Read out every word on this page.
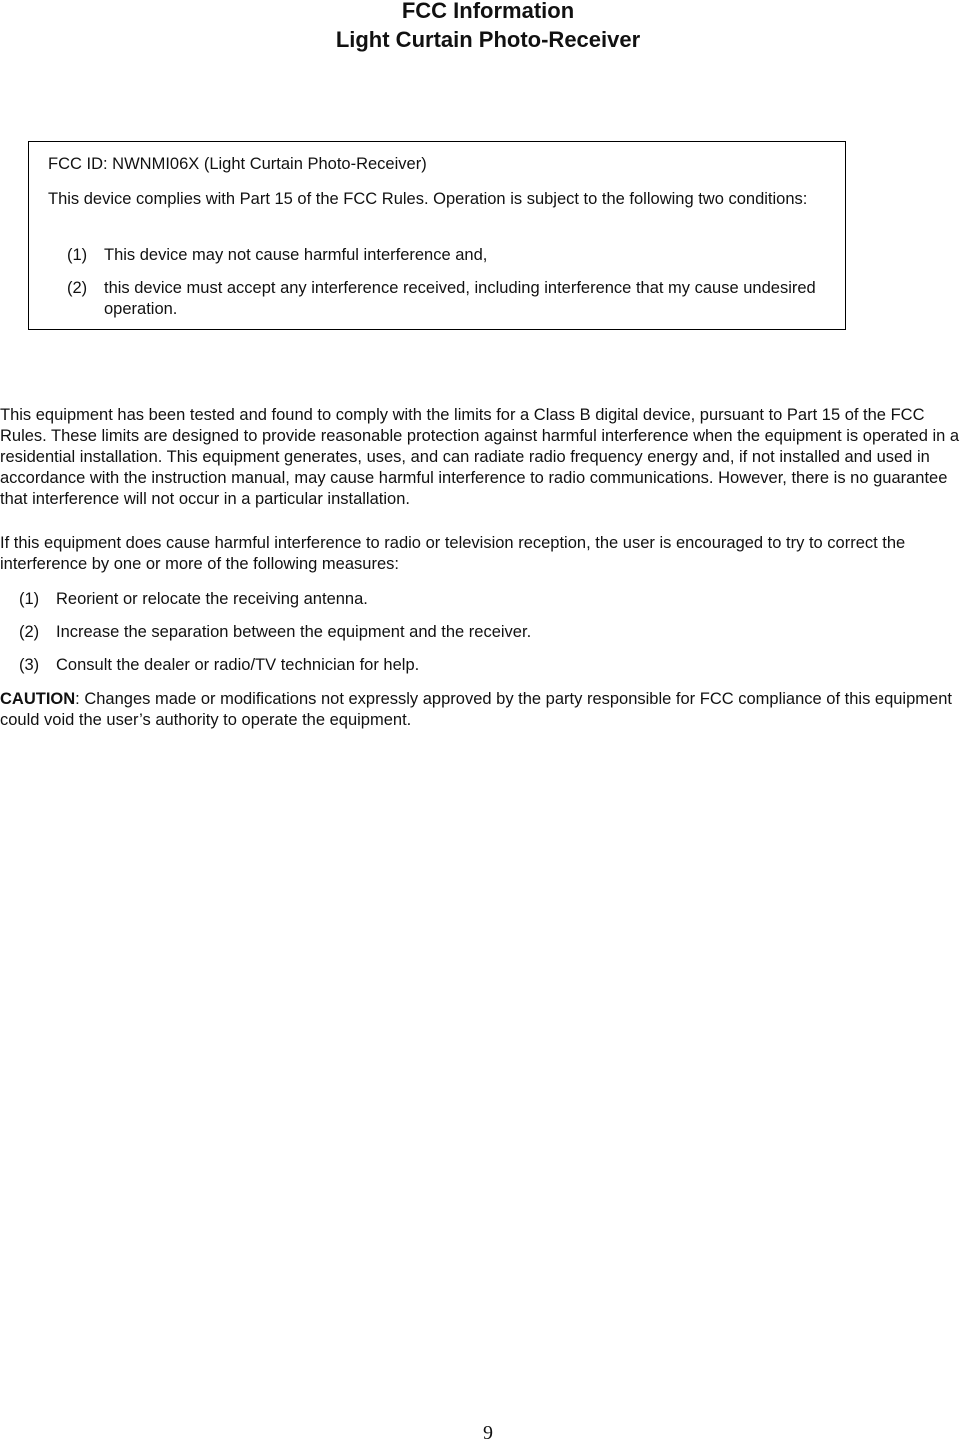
FCC Information
Light Curtain Photo-Receiver
FCC ID: NWNMI06X (Light Curtain Photo-Receiver)
This device complies with Part 15 of the FCC Rules. Operation is subject to the following two conditions:
(1)	This device may not cause harmful interference and,
(2)	this device must accept any interference received, including interference that my cause undesired operation.
This equipment has been tested and found to comply with the limits for a Class B digital device, pursuant to Part 15 of the FCC Rules. These limits are designed to provide reasonable protection against harmful interference when the equipment is operated in a residential installation. This equipment generates, uses, and can radiate radio frequency energy and, if not installed and used in accordance with the instruction manual, may cause harmful interference to radio communications. However, there is no guarantee that interference will not occur in a particular installation.
If this equipment does cause harmful interference to radio or television reception, the user is encouraged to try to correct the interference by one or more of the following measures:
(1)	Reorient or relocate the receiving antenna.
(2)	Increase the separation between the equipment and the receiver.
(3)	Consult the dealer or radio/TV technician for help.
CAUTION: Changes made or modifications not expressly approved by the party responsible for FCC compliance of this equipment could void the user’s authority to operate the equipment.
9
